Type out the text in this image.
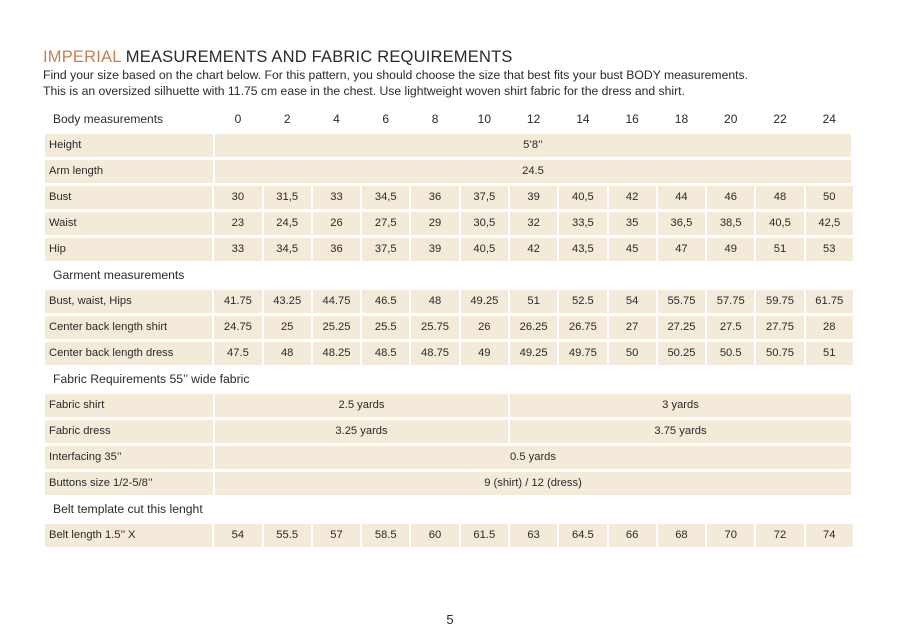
IMPERIAL MEASUREMENTS AND FABRIC REQUIREMENTS
Find your size based on the chart below. For this pattern, you should choose the size that best fits your bust BODY measurements.
This is an oversized silhuette with 11.75 cm ease in the chest. Use lightweight woven shirt fabric for the dress and shirt.
Body measurements	0	2	4	6	8	10	12	14	16	18	20	22	24
Height	5’8’’
Arm length	24.5
Bust	30	31,5	33	34,5	36	37,5	39	40,5	42	44	46	48	50
Waist	23	24,5	26	27,5	29	30,5	32	33,5	35	36,5	38,5	40,5	42,5
Hip	33	34,5	36	37,5	39	40,5	42	43,5	45	47	49	51	53
Garment measurements
Bust, waist, Hips	41.75	43.25	44.75	46.5	48	49.25	51	52.5	54	55.75	57.75	59.75	61.75
Center back length shirt	24.75	25	25.25	25.5	25.75	26	26.25	26.75	27	27.25	27.5	27.75	28
Center back length dress	47.5	48	48.25	48.5	48.75	49	49.25	49.75	50	50.25	50.5	50.75	51
Fabric Requirements 55’’ wide fabric
Fabric shirt	2.5 yards	3 yards
Fabric dress	3.25 yards	3.75 yards
Interfacing 35’’	0.5 yards
Buttons size 1/2-5/8’’	9 (shirt) / 12 (dress)
Belt template cut this lenght
Belt length 1.5’’ X	54	55.5	57	58.5	60	61.5	63	64.5	66	68	70	72	74
5
